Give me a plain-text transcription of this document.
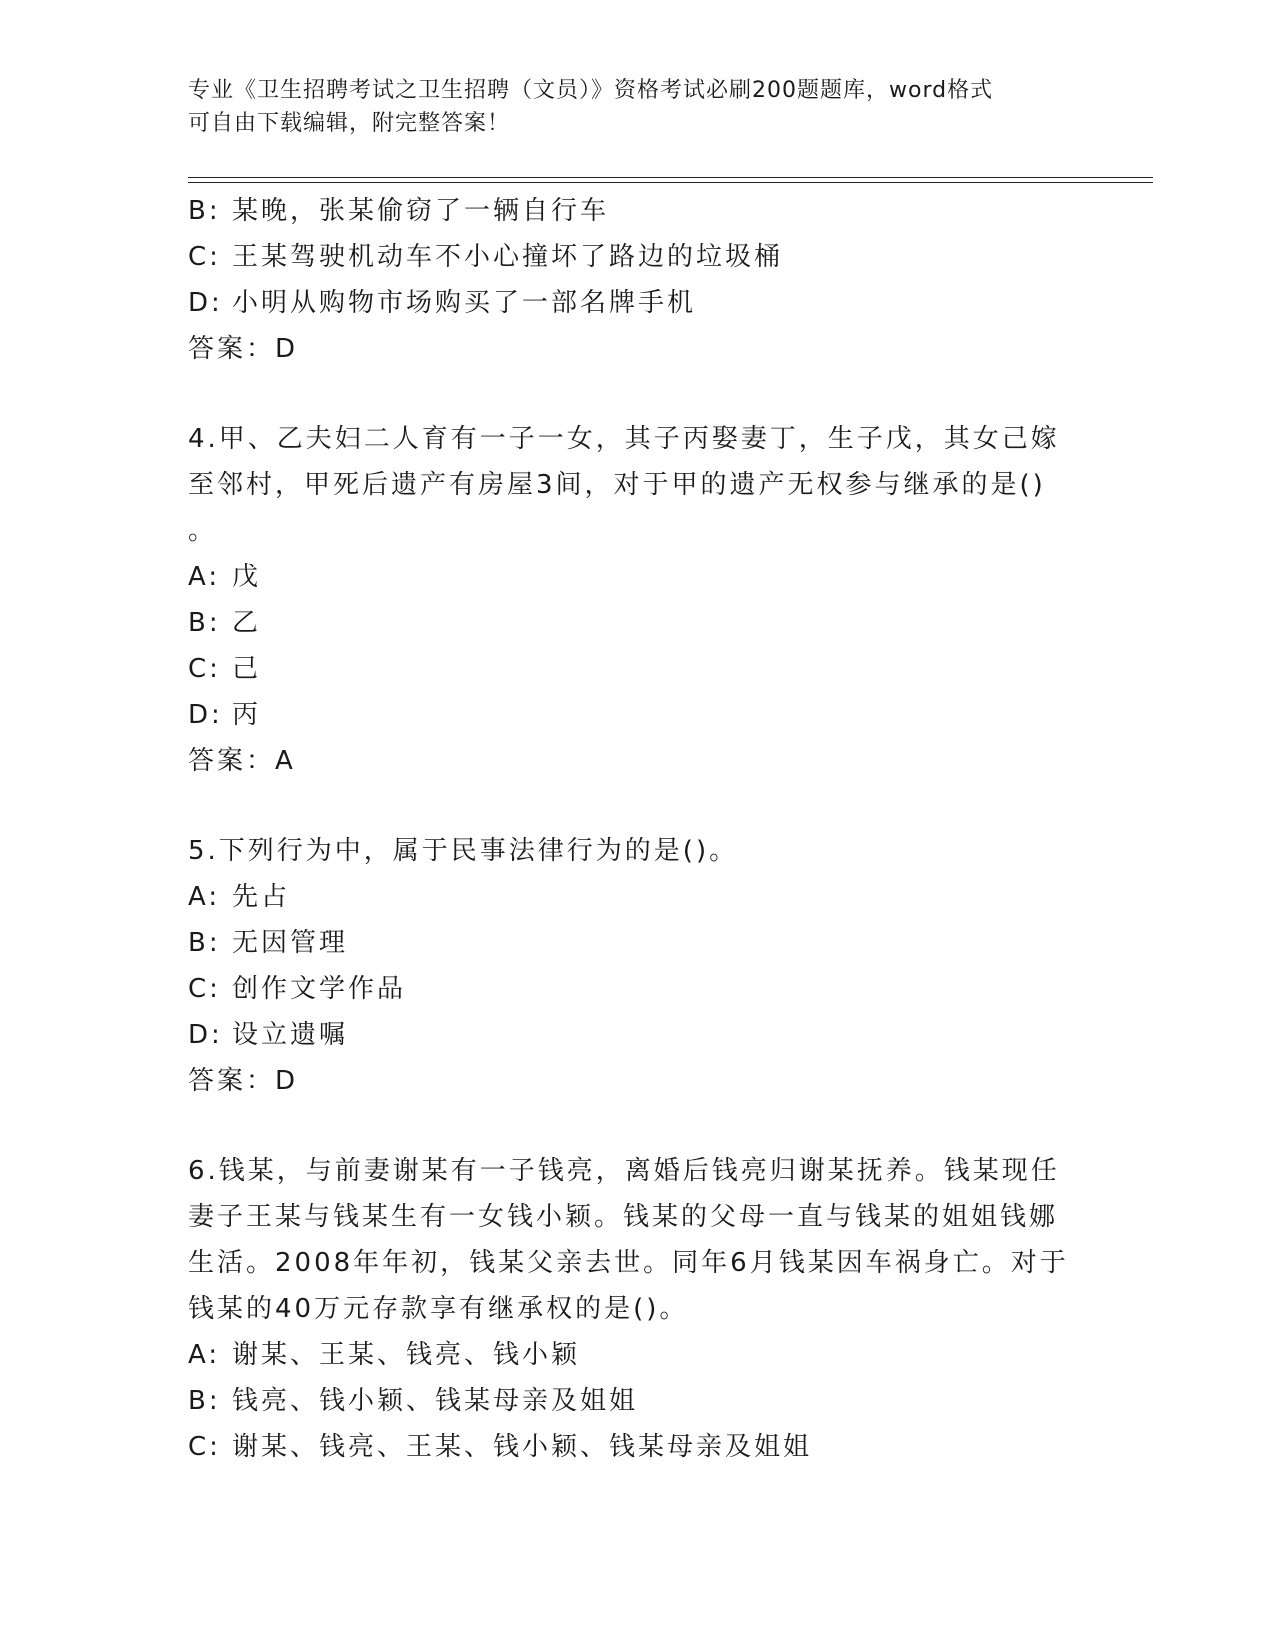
专业《卫生招聘考试之卫生招聘（文员）》资格考试必刷200题题库，word格式
可自由下载编辑，附完整答案！
B: 某晚，张某偷窃了一辆自行车
C: 王某驾驶机动车不小心撞坏了路边的垃圾桶
D: 小明从购物市场购买了一部名牌手机
答案：D
4.甲、乙夫妇二人育有一子一女，其子丙娶妻丁，生子戊，其女己嫁
至邻村，甲死后遗产有房屋3间，对于甲的遗产无权参与继承的是()
。
A: 戊
B: 乙
C: 己
D: 丙
答案：A
5.下列行为中，属于民事法律行为的是()。
A: 先占
B: 无因管理
C: 创作文学作品
D: 设立遗嘱
答案：D
6.钱某，与前妻谢某有一子钱亮，离婚后钱亮归谢某抚养。钱某现任
妻子王某与钱某生有一女钱小颖。钱某的父母一直与钱某的姐姐钱娜
生活。2008年年初，钱某父亲去世。同年6月钱某因车祸身亡。对于
钱某的40万元存款享有继承权的是()。
A: 谢某、王某、钱亮、钱小颖
B: 钱亮、钱小颖、钱某母亲及姐姐
C: 谢某、钱亮、王某、钱小颖、钱某母亲及姐姐
